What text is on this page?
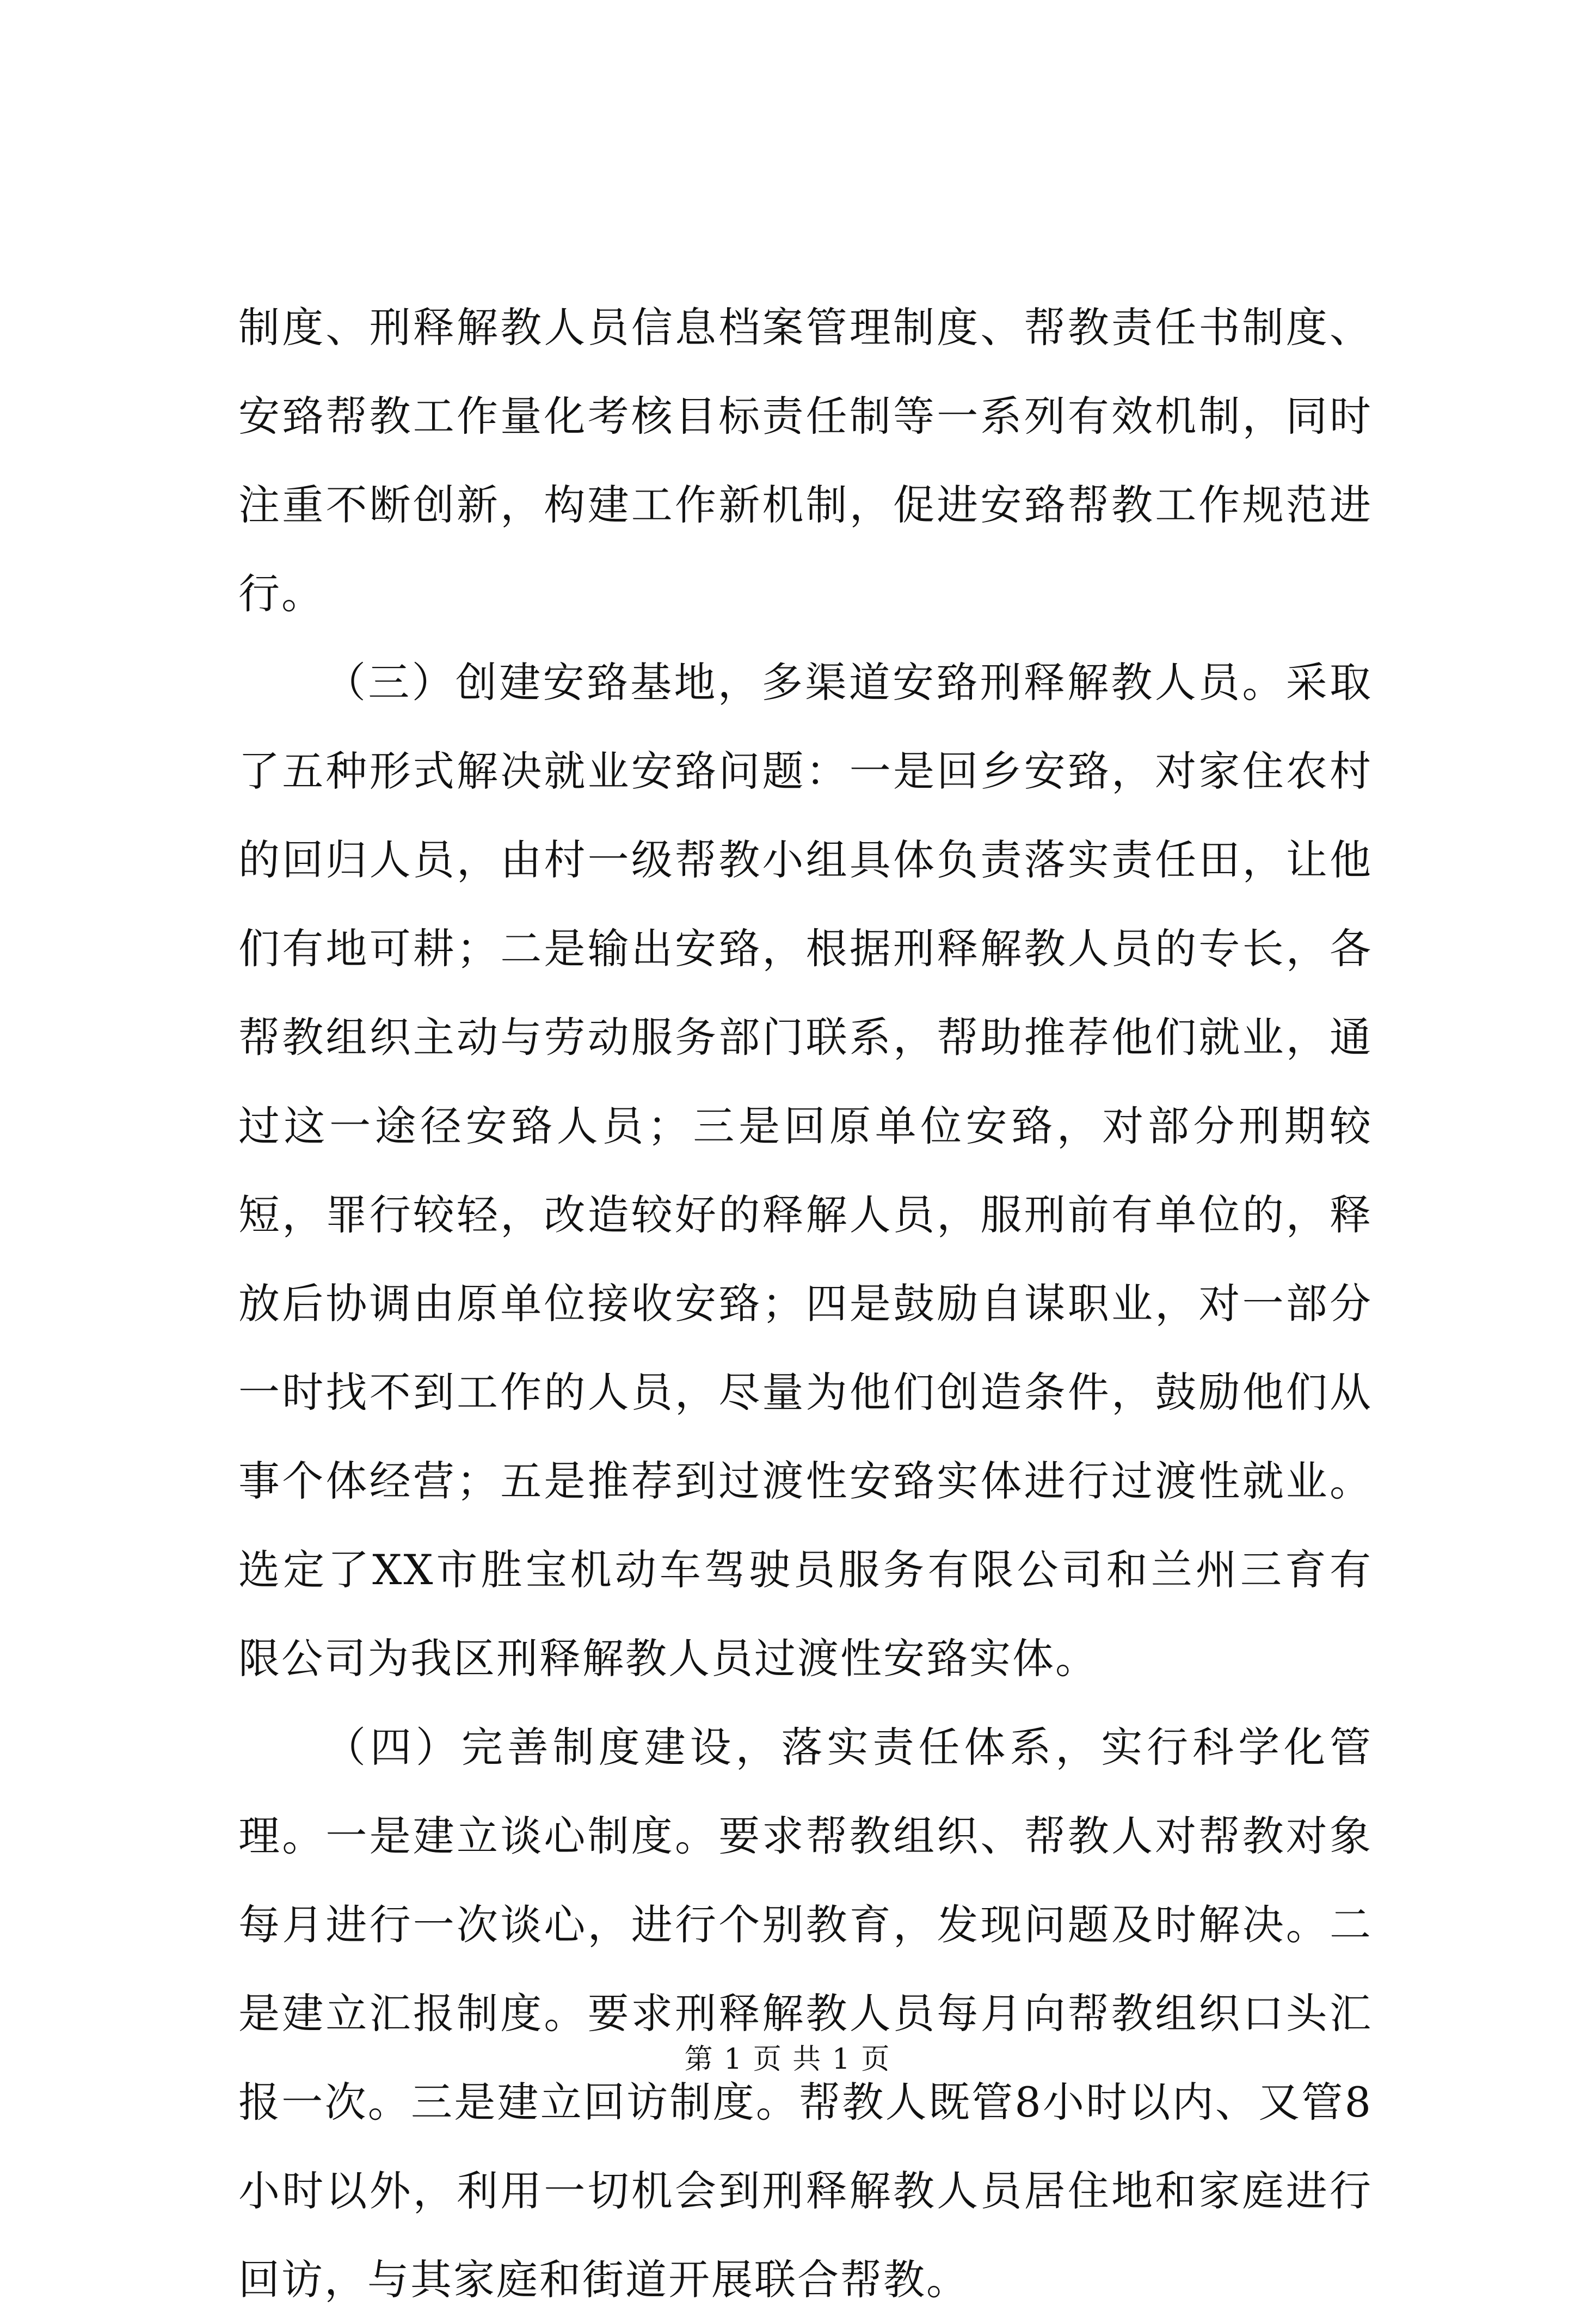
制度、刑释解教人员信息档案管理制度、帮教责任书制度、安臵帮教工作量化考核目标责任制等一系列有效机制，同时注重不断创新，构建工作新机制，促进安臵帮教工作规范进行。

（三）创建安臵基地，多渠道安臵刑释解教人员。采取了五种形式解决就业安臵问题：一是回乡安臵，对家住农村的回归人员，由村一级帮教小组具体负责落实责任田，让他们有地可耕；二是输出安臵，根据刑释解教人员的专长，各帮教组织主动与劳动服务部门联系，帮助推荐他们就业，通过这一途径安臵人员；三是回原单位安臵，对部分刑期较短，罪行较轻，改造较好的释解人员，服刑前有单位的，释放后协调由原单位接收安臵；四是鼓励自谋职业，对一部分一时找不到工作的人员，尽量为他们创造条件，鼓励他们从事个体经营；五是推荐到过渡性安臵实体进行过渡性就业。选定了XX市胜宝机动车驾驶员服务有限公司和兰州三育有限公司为我区刑释解教人员过渡性安臵实体。

（四）完善制度建设，落实责任体系，实行科学化管理。一是建立谈心制度。要求帮教组织、帮教人对帮教对象每月进行一次谈心，进行个别教育，发现问题及时解决。二是建立汇报制度。要求刑释解教人员每月向帮教组织口头汇报一次。三是建立回访制度。帮教人既管8小时以内、又管8小时以外，利用一切机会到刑释解教人员居住地和家庭进行回访，与其家庭和街道开展联合帮教。

第 1 页 共 1 页
